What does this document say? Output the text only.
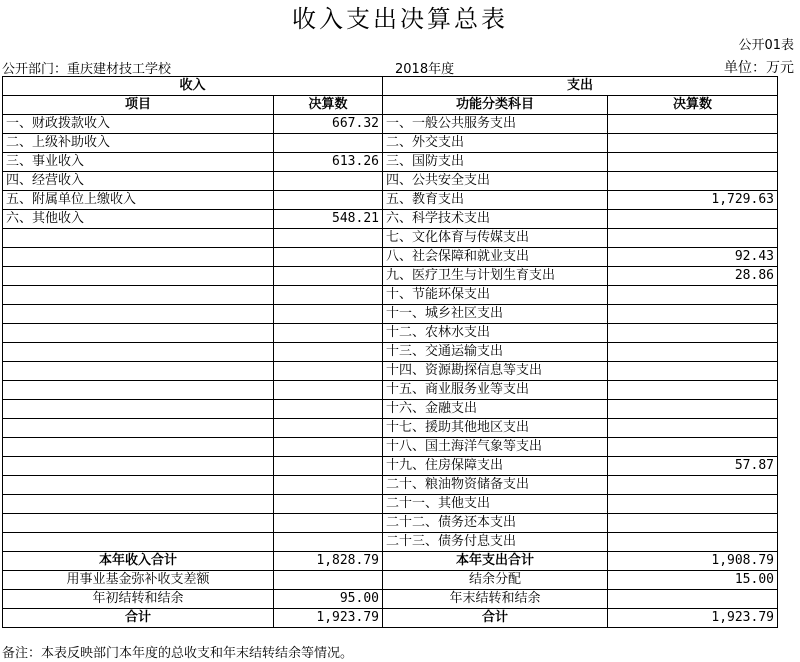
收入支出决算总表
公开01表
公开部门：重庆建材技工学校	2018年度	单位：万元
收入		支出	
项目	决算数	功能分类科目	决算数
一、财政拨款收入	667.32	一、一般公共服务支出	
二、上级补助收入		二、外交支出	
三、事业收入	613.26	三、国防支出	
四、经营收入		四、公共安全支出	
五、附属单位上缴收入		五、教育支出	1,729.63
六、其他收入	548.21	六、科学技术支出	
		七、文化体育与传媒支出	
		八、社会保障和就业支出	92.43
		九、医疗卫生与计划生育支出	28.86
		十、节能环保支出	
		十一、城乡社区支出	
		十二、农林水支出	
		十三、交通运输支出	
		十四、资源勘探信息等支出	
		十五、商业服务业等支出	
		十六、金融支出	
		十七、援助其他地区支出	
		十八、国土海洋气象等支出	
		十九、住房保障支出	57.87
		二十、粮油物资储备支出	
		二十一、其他支出	
		二十二、债务还本支出	
		二十三、债务付息支出	
本年收入合计	1,828.79	本年支出合计	1,908.79
用事业基金弥补收支差额		结余分配	15.00
年初结转和结余	95.00	年末结转和结余	
合计	1,923.79	合计	1,923.79
备注：本表反映部门本年度的总收支和年末结转结余等情况。
